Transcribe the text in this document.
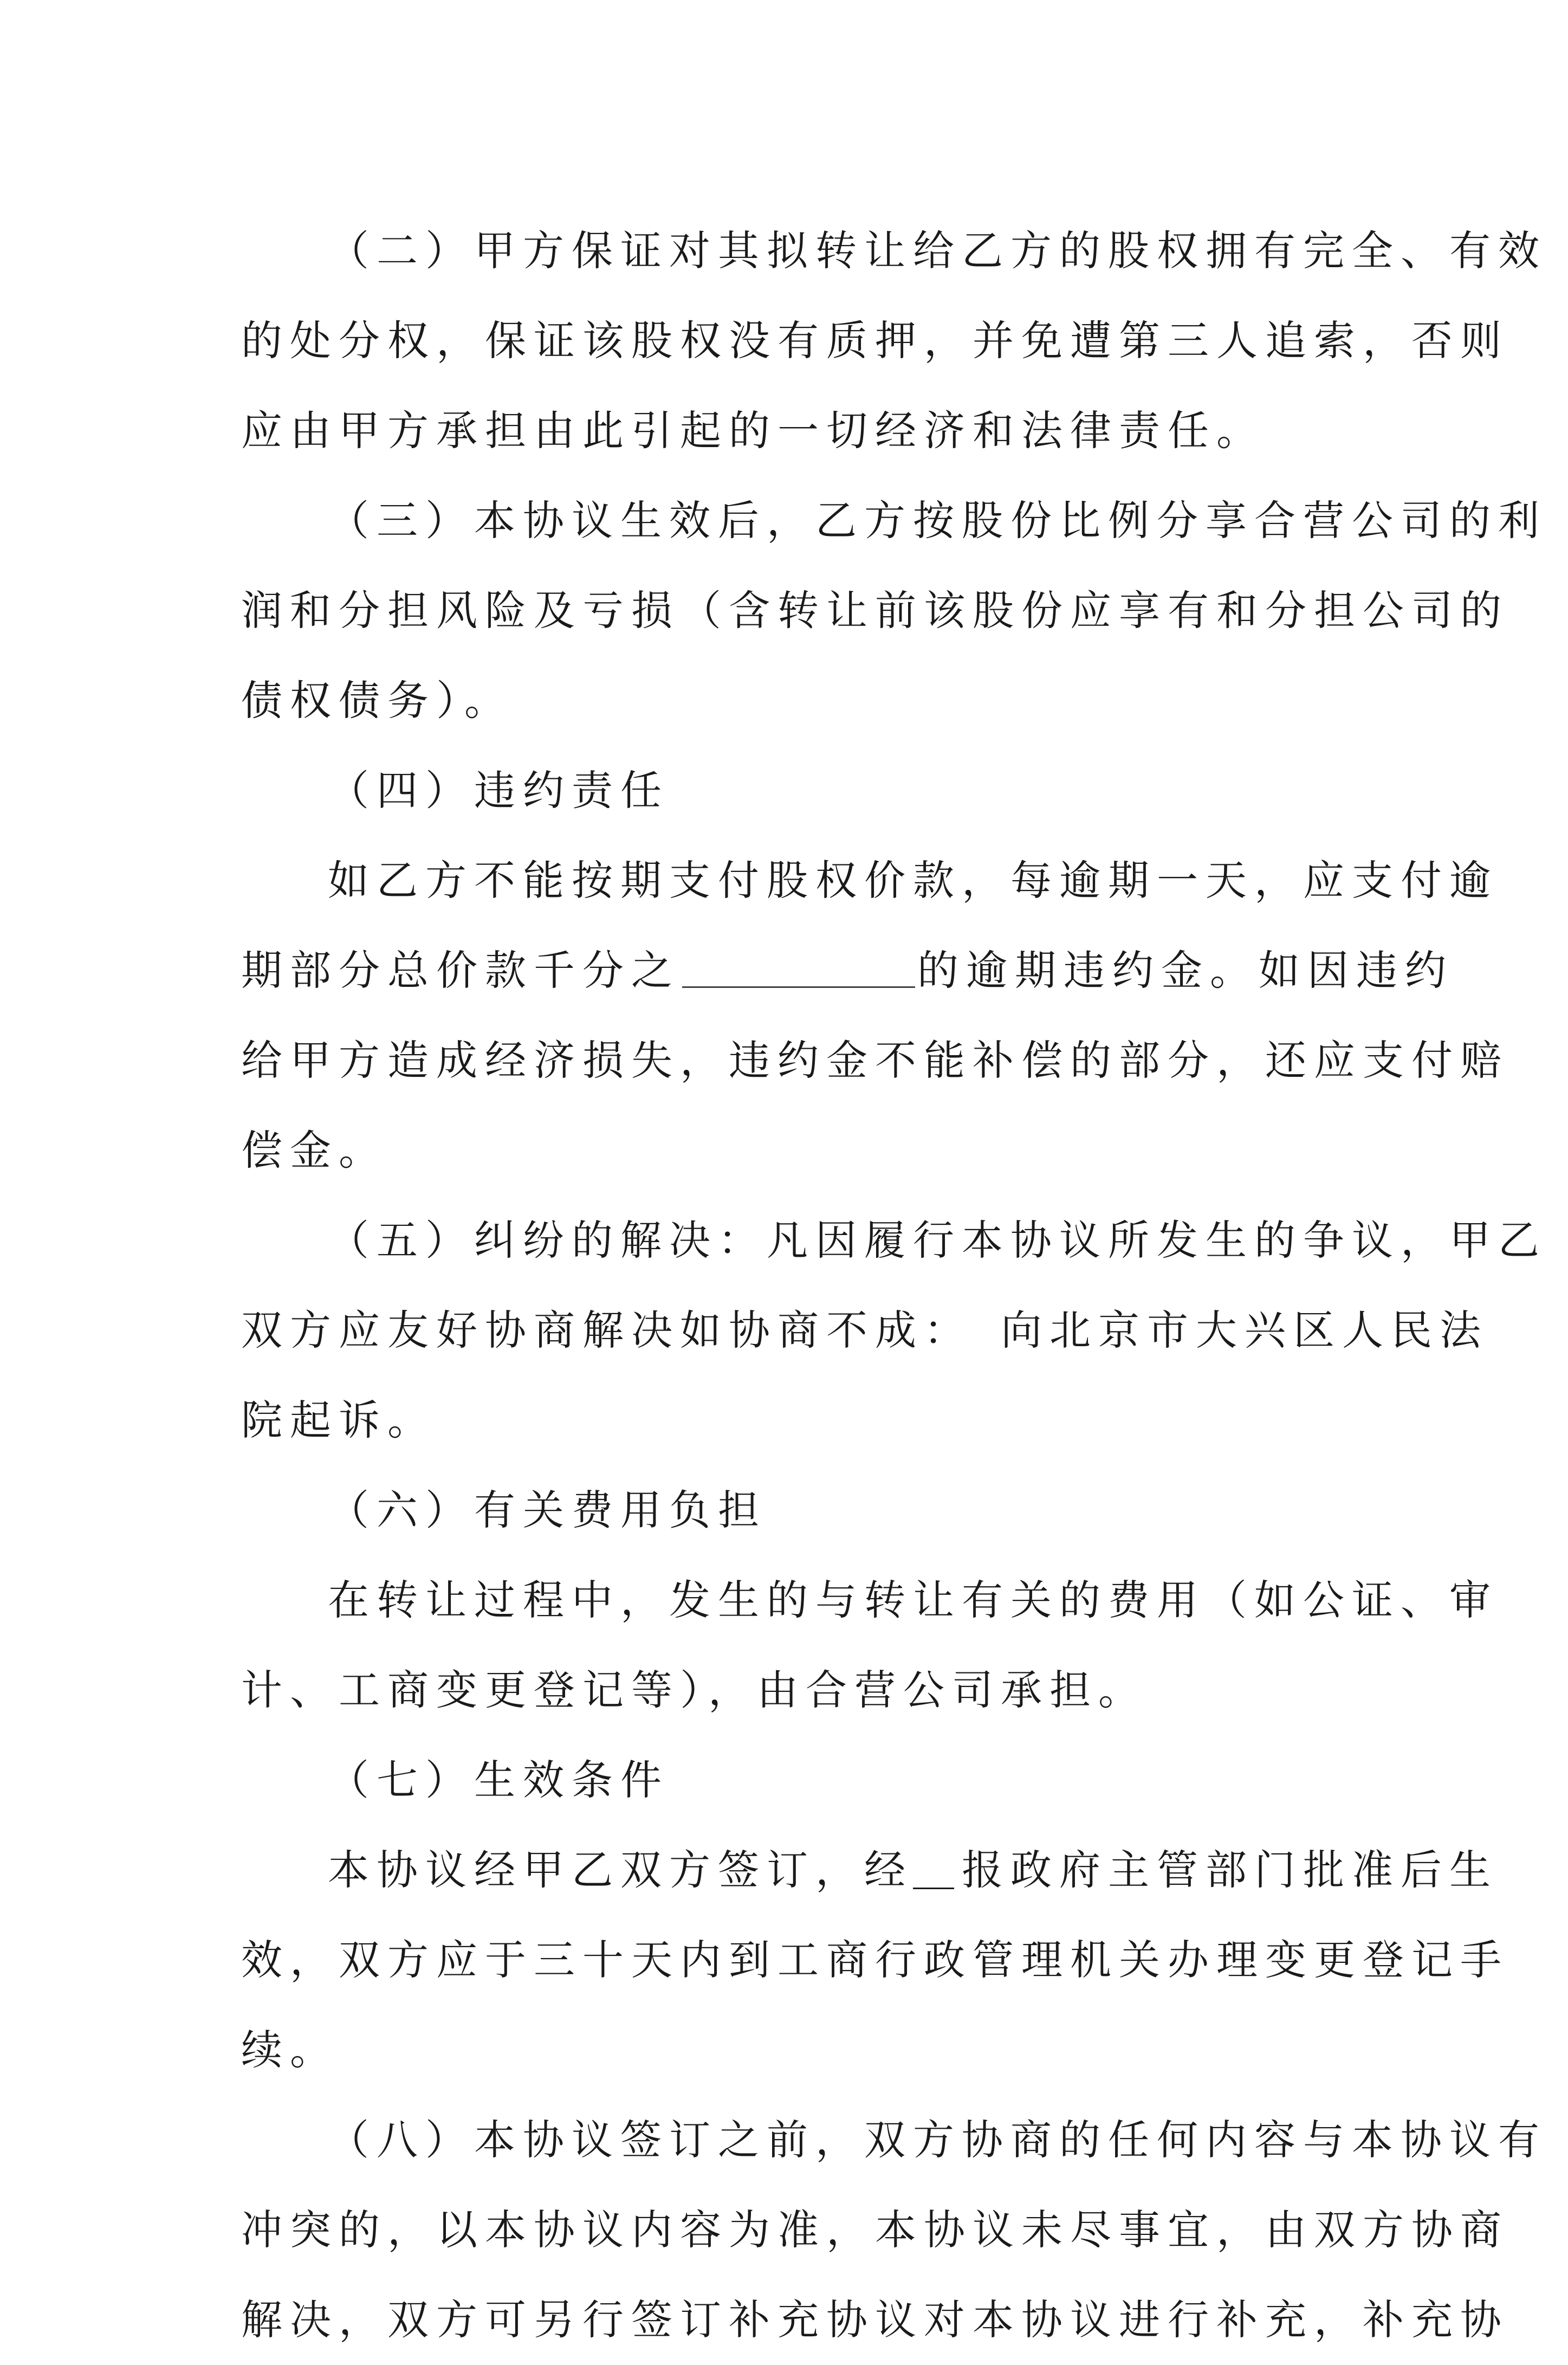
（二）甲方保证对其拟转让给乙方的股权拥有完全、有效
的处分权，保证该股权没有质押，并免遭第三人追索，否则
应由甲方承担由此引起的一切经济和法律责任。
（三）本协议生效后，乙方按股份比例分享合营公司的利
润和分担风险及亏损（含转让前该股份应享有和分担公司的
债权债务）。
（四）违约责任
如乙方不能按期支付股权价款，每逾期一天，应支付逾
期部分总价款千分之	的逾期违约金。如因违约
给甲方造成经济损失，违约金不能补偿的部分，还应支付赔
偿金。
（五）纠纷的解决：凡因履行本协议所发生的争议，甲乙
双方应友好协商解决如协商不成：　向北京市大兴区人民法
院起诉。
（六）有关费用负担
在转让过程中，发生的与转让有关的费用（如公证、审
计、工商变更登记等），由合营公司承担。
（七）生效条件
本协议经甲乙双方签订，经＿报政府主管部门批准后生
效，双方应于三十天内到工商行政管理机关办理变更登记手
续。
（八）本协议签订之前，双方协商的任何内容与本协议有
冲突的，以本协议内容为准，本协议未尽事宜，由双方协商
解决，双方可另行签订补充协议对本协议进行补充，补充协
